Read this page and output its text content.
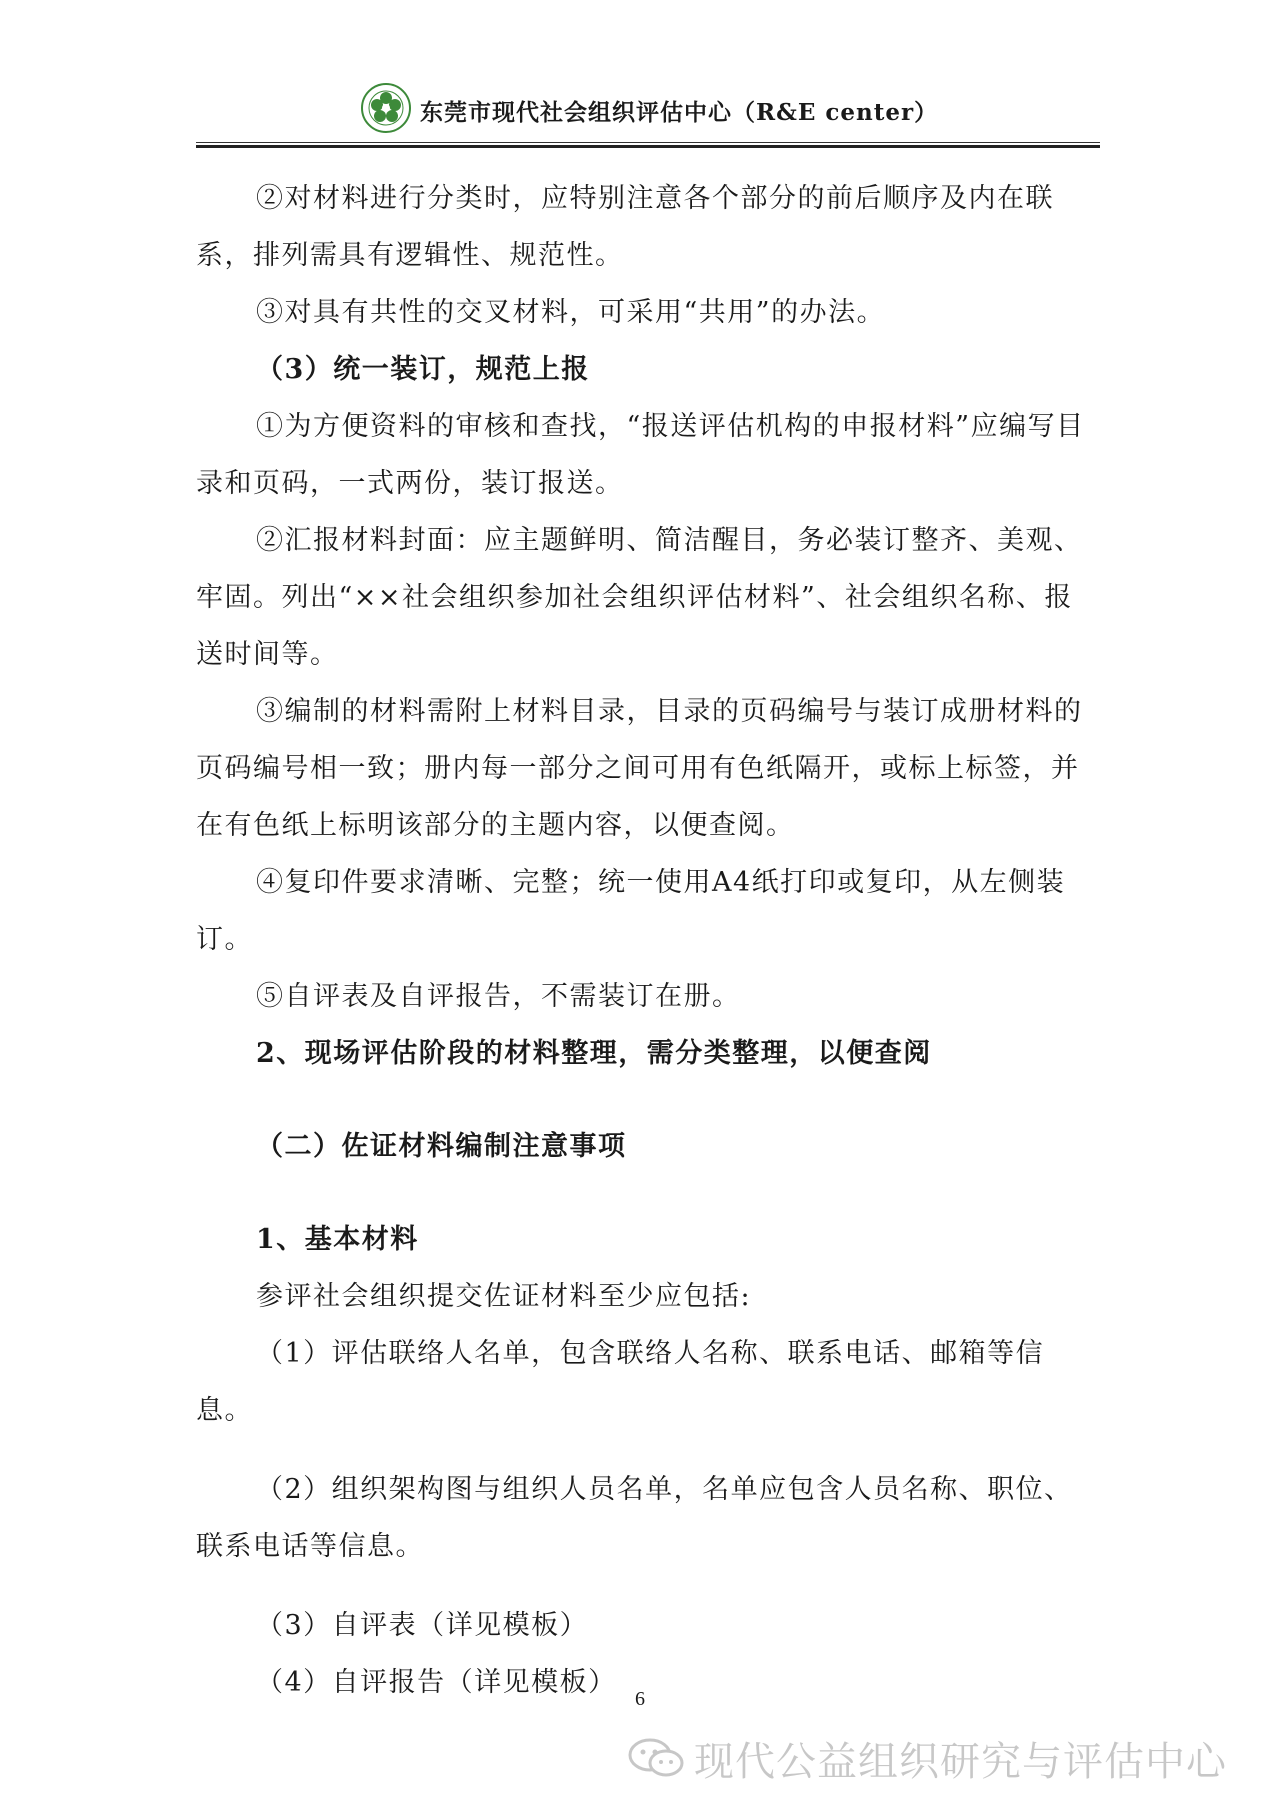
东莞市现代社会组织评估中心（R&E center）

②对材料进行分类时，应特别注意各个部分的前后顺序及内在联系，排列需具有逻辑性、规范性。

③对具有共性的交叉材料，可采用“共用”的办法。

（3）统一装订，规范上报

①为方便资料的审核和查找，“报送评估机构的申报材料”应编写目录和页码，一式两份，装订报送。

②汇报材料封面：应主题鲜明、简洁醒目，务必装订整齐、美观、牢固。列出“××社会组织参加社会组织评估材料”、社会组织名称、报送时间等。

③编制的材料需附上材料目录，目录的页码编号与装订成册材料的页码编号相一致；册内每一部分之间可用有色纸隔开，或标上标签，并在有色纸上标明该部分的主题内容，以便查阅。

④复印件要求清晰、完整；统一使用A4纸打印或复印，从左侧装订。

⑤自评表及自评报告，不需装订在册。

2、现场评估阶段的材料整理，需分类整理，以便查阅

（二）佐证材料编制注意事项

1、基本材料

参评社会组织提交佐证材料至少应包括:

（1）评估联络人名单，包含联络人名称、联系电话、邮箱等信息。

（2）组织架构图与组织人员名单，名单应包含人员名称、职位、联系电话等信息。

（3）自评表（详见模板）

（4）自评报告（详见模板）

6
现代公益组织研究与评估中心
